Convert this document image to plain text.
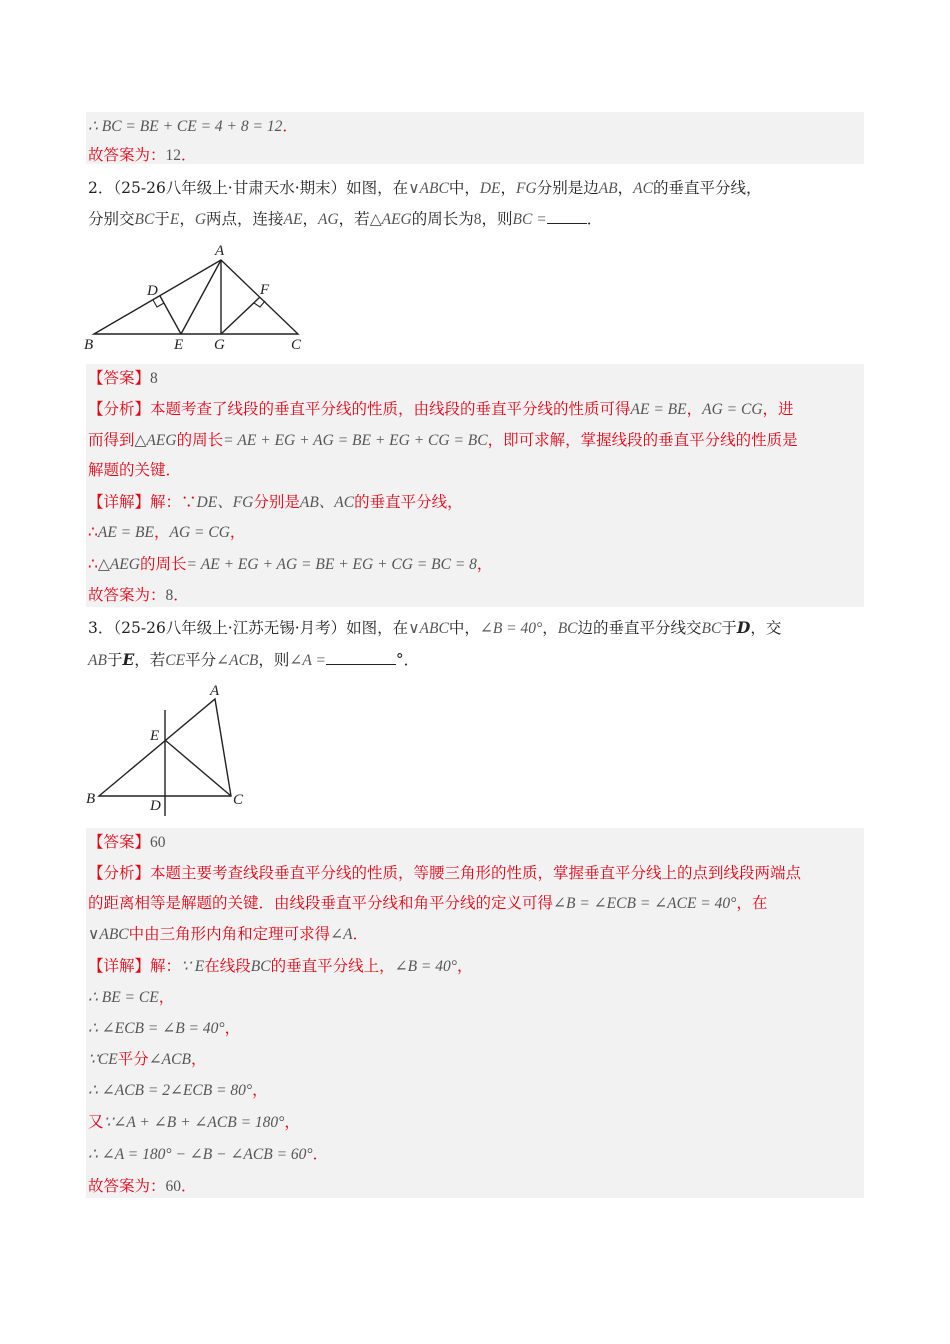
∴ BC = BE + CE = 4 + 8 = 12．
故答案为：12．
2．（25-26八年级上·甘肃天水·期末）如图，在∨ABC中，DE，FG分别是边AB，AC的垂直平分线，
分别交BC于E，G两点，连接AE，AG，若△AEG的周长为8，则BC =	．
A
B	C
D
E
F
G
【答案】8
【分析】本题考查了线段的垂直平分线的性质，由线段的垂直平分线的性质可得AE = BE，AG = CG，进
而得到△AEG的周长= AE + EG + AG = BE + EG + CG = BC，即可求解，掌握线段的垂直平分线的性质是
解题的关键．
【详解】解：∵DE、FG分别是AB、AC的垂直平分线，
∴AE = BE，AG = CG，
∴△AEG的周长= AE + EG + AG = BE + EG + CG = BC = 8，
故答案为：8．
3．（25-26八年级上·江苏无锡·月考）如图，在∨ABC中，∠B = 40°，BC边的垂直平分线交BC于D，交
AB于E，若CE平分∠ACB，则∠A =	°．
A
B	C
D
E
【答案】60
【分析】本题主要考查线段垂直平分线的性质，等腰三角形的性质，掌握垂直平分线上的点到线段两端点
的距离相等是解题的关键．由线段垂直平分线和角平分线的定义可得∠B = ∠ECB = ∠ACE = 40°，在
∨ABC中由三角形内角和定理可求得∠A．
【详解】解：∵ E在线段BC的垂直平分线上，∠B = 40°，
∴ BE = CE，
∴ ∠ECB = ∠B = 40°，
∵CE平分∠ACB，
∴ ∠ACB = 2∠ECB = 80°，
又∵∠A + ∠B + ∠ACB = 180°，
∴ ∠A = 180° − ∠B − ∠ACB = 60°．
故答案为：60．
